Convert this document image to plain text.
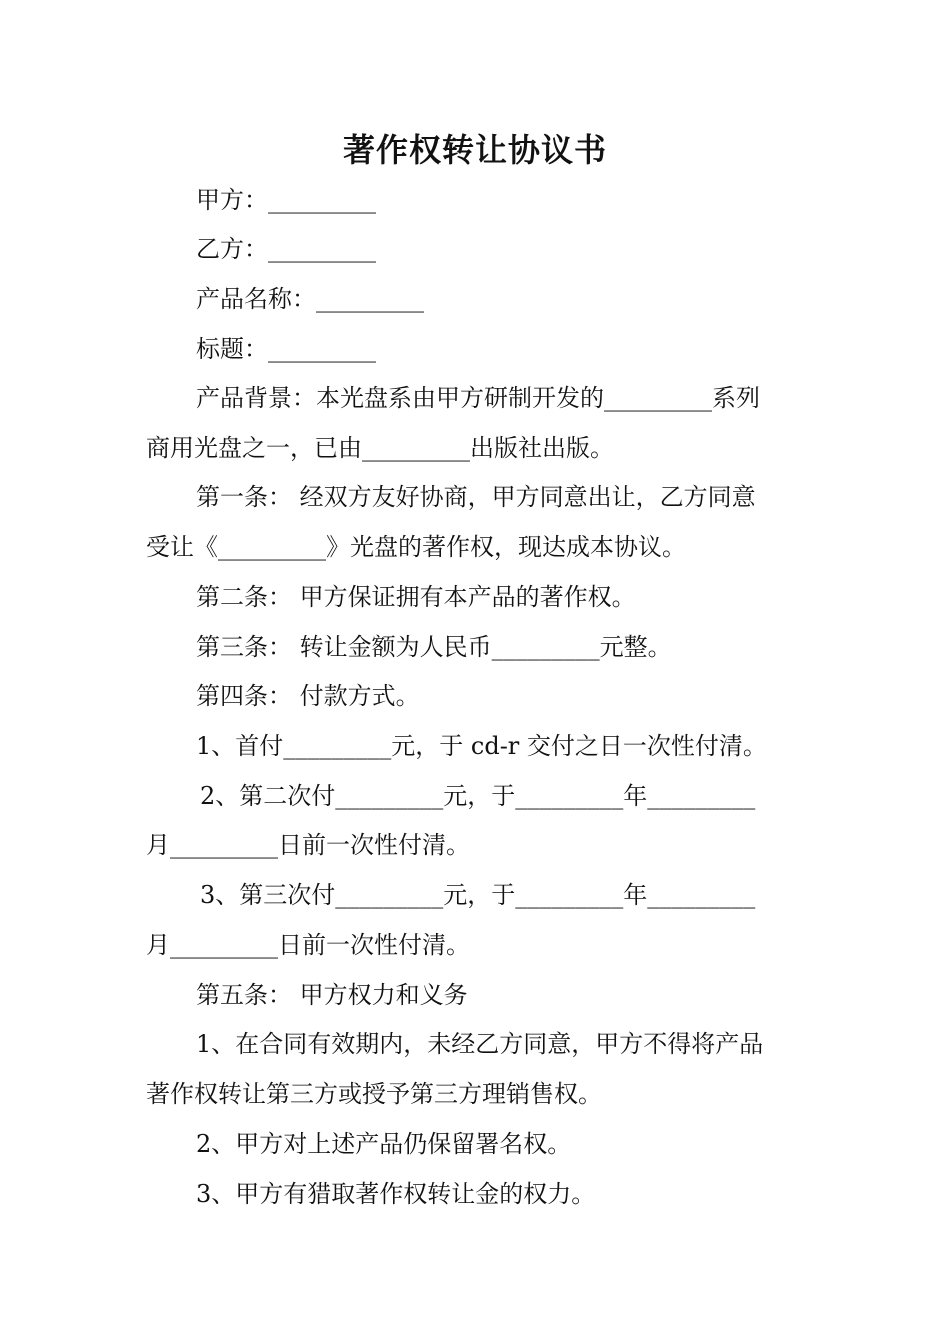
著作权转让协议书
甲方：_________
乙方：_________
产品名称：_________
标题：_________
产品背景：本光盘系由甲方研制开发的_________系列
商用光盘之一，已由_________出版社出版。
第一条： 经双方友好协商，甲方同意出让，乙方同意
受让《_________》光盘的著作权，现达成本协议。
第二条： 甲方保证拥有本产品的著作权。
第三条： 转让金额为人民币_________元整。
第四条： 付款方式。
1、首付_________元，于 cd-r 交付之日一次性付清。
2、第二次付_________元，于_________年_________
月_________日前一次性付清。
3、第三次付_________元，于_________年_________
月_________日前一次性付清。
第五条： 甲方权力和义务
1、在合同有效期内，未经乙方同意，甲方不得将产品
著作权转让第三方或授予第三方理销售权。
2、甲方对上述产品仍保留署名权。
3、甲方有猎取著作权转让金的权力。
